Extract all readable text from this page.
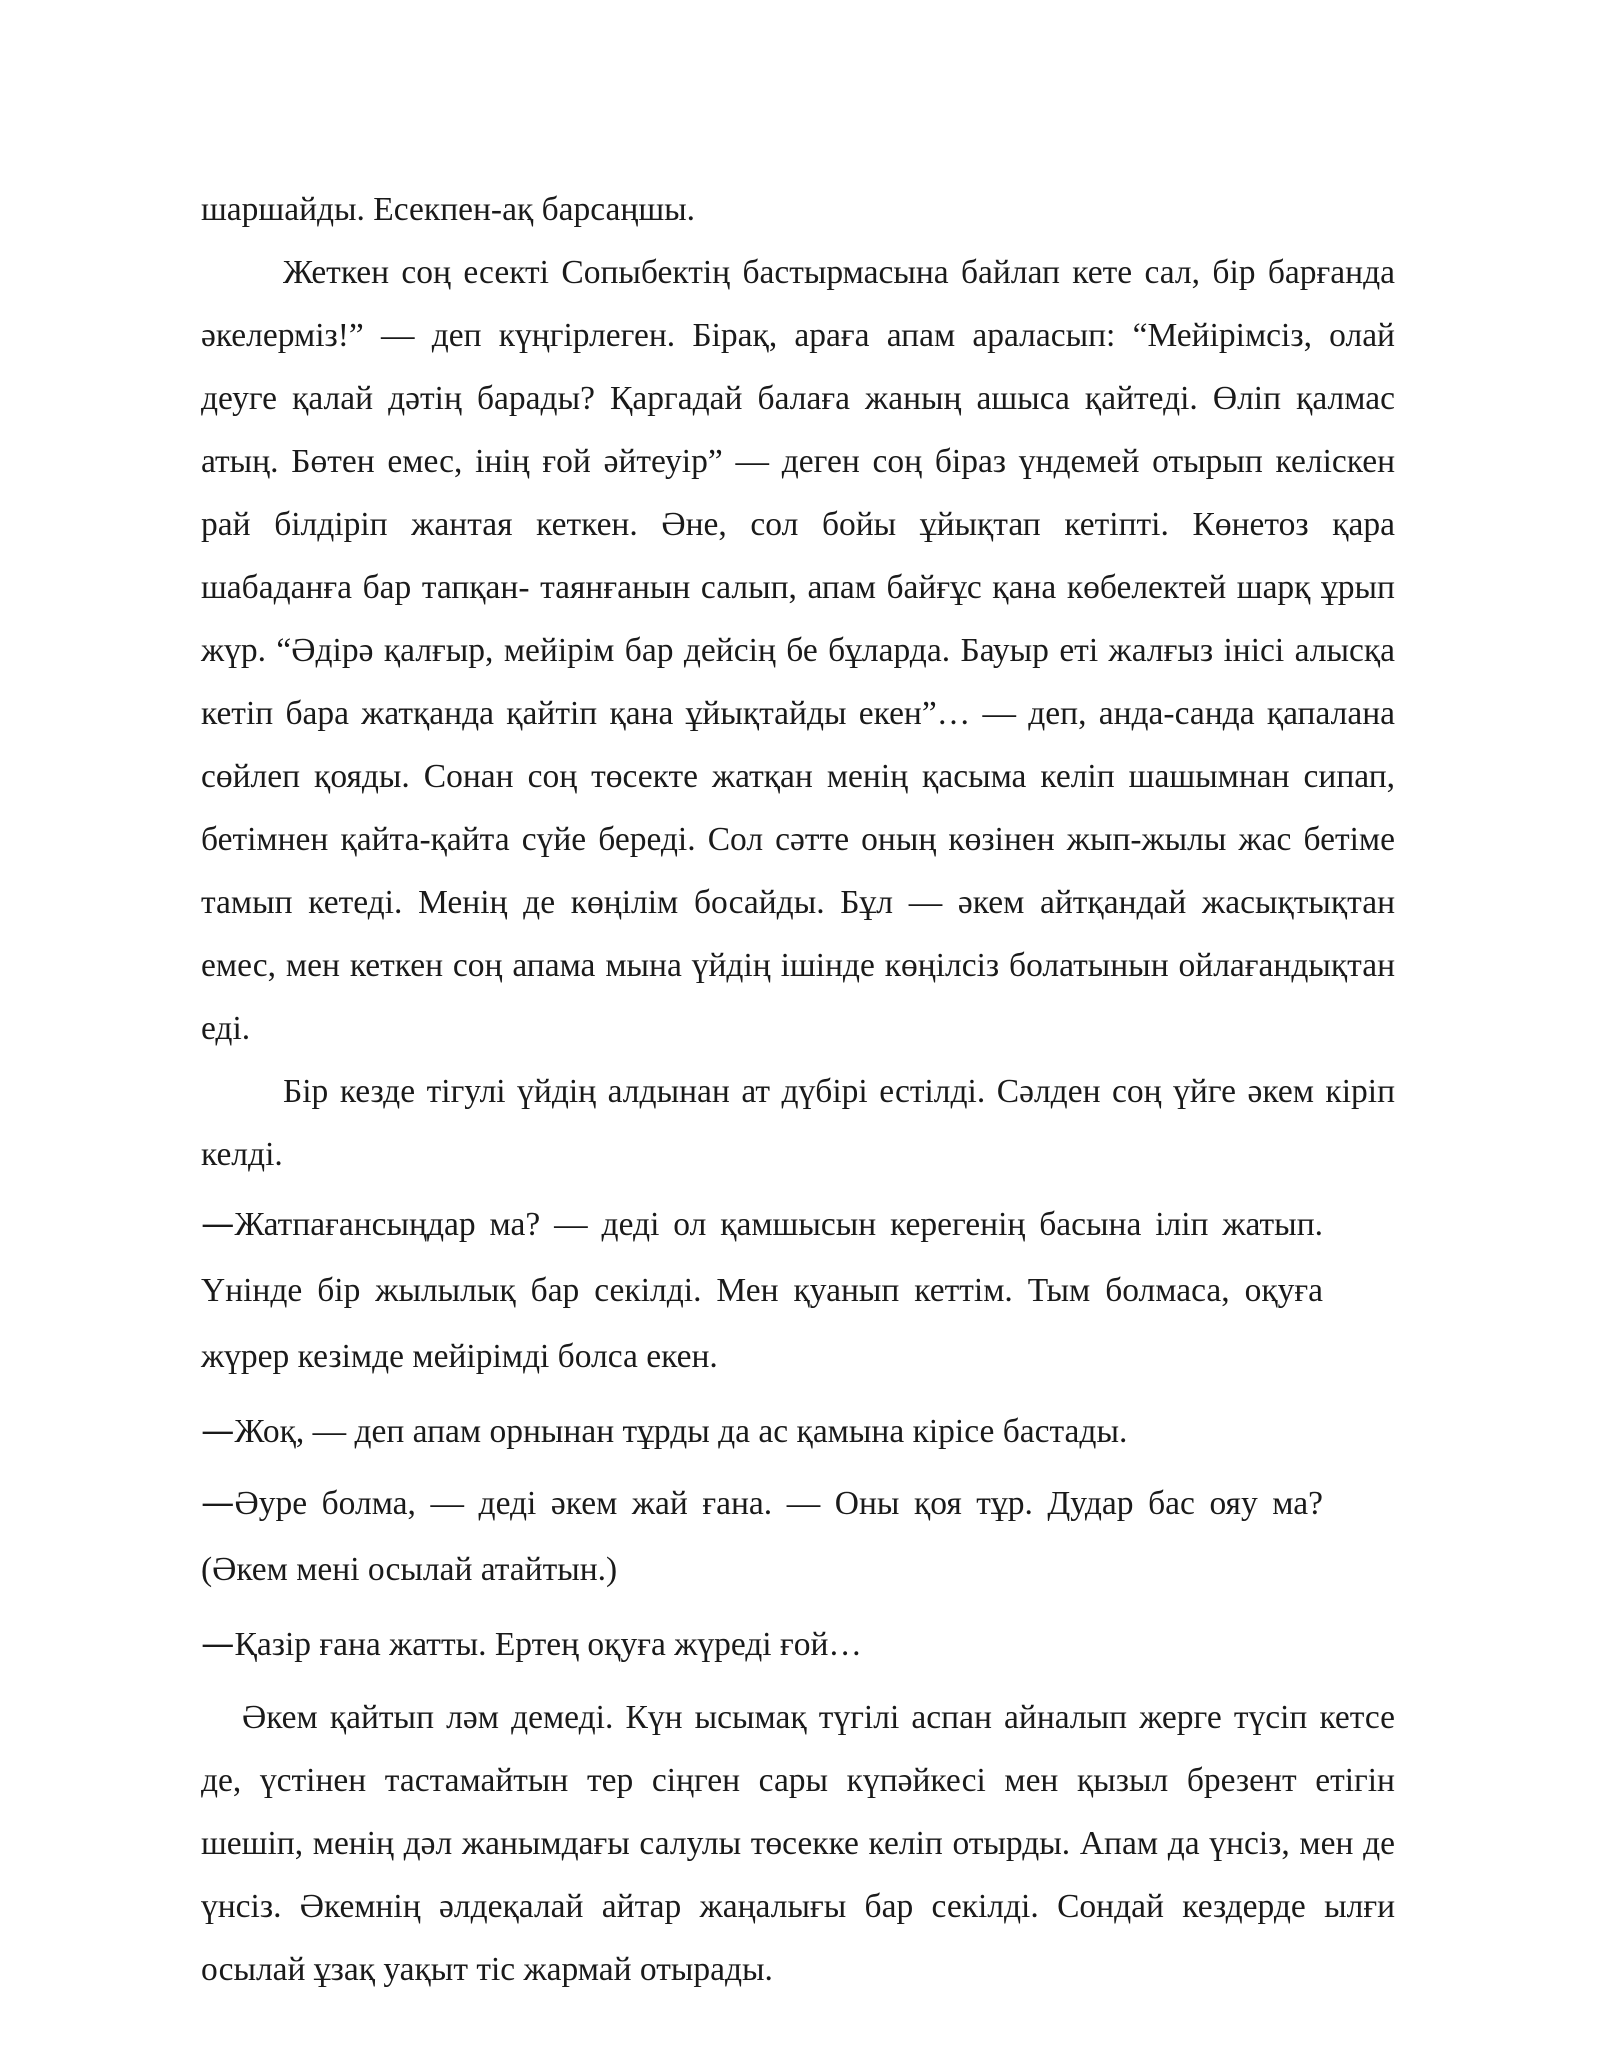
шаршайды. Есекпен-ақ барсаңшы.

Жеткен соң есекті Сопыбектің бастырмасына байлап кете сал, бір барғанда әкелерміз!” — деп күңгірлеген. Бірақ, араға апам араласып: “Мейірімсіз, олай деуге қалай дәтің барады? Қаргадай балаға жаның ашыса қайтеді. Өліп қалмас атың. Бөтен емес, інің ғой әйтеуір” — деген соң біраз үндемей отырып келіскен рай білдіріп жантая кеткен. Әне, сол бойы ұйықтап кетіпті. Көнетоз қара шабаданға бар тапқан- таянғанын салып, апам байғұс қана көбелектей шарқ ұрып жүр. “Әдірә қалғыр, мейірім бар дейсің бе бұларда. Бауыр еті жалғыз інісі алысқа кетіп бара жатқанда қайтіп қана ұйықтайды екен”… — деп, анда-санда қапалана сөйлеп қояды. Сонан соң төсекте жатқан менің қасыма келіп шашымнан сипап, бетімнен қайта-қайта сүйе береді. Сол сәтте оның көзінен жып-жылы жас бетіме тамып кетеді. Менің де көңілім босайды. Бұл — әкем айтқандай жасықтықтан емес, мен кеткен соң апама мына үйдің ішінде көңілсіз болатынын ойлағандықтан еді.

Бір кезде тігулі үйдің алдынан ат дүбірі естілді. Сәлден соң үйге әкем кіріп келді.

—Жатпағансыңдар ма? — деді ол қамшысын керегенің басына іліп жатып. Үнінде бір жылылық бар секілді. Мен қуанып кеттім. Тым болмаса, оқуға жүрер кезімде мейірімді болса екен.

—Жоқ, — деп апам орнынан тұрды да ас қамына кірісе бастады.

—Әуре болма, — деді әкем жай ғана. — Оны қоя тұр. Дудар бас ояу ма? (Әкем мені осылай атайтын.)

—Қазір ғана жатты. Ертең оқуға жүреді ғой…

Әкем қайтып ләм демеді. Күн ысымақ түгілі аспан айналып жерге түсіп кетсе де, үстінен тастамайтын тер сіңген сары күпәйкесі мен қызыл брезент етігін шешіп, менің дәл жанымдағы салулы төсекке келіп отырды. Апам да үнсіз, мен де үнсіз. Әкемнің әлдеқалай айтар жаңалығы бар секілді. Сондай кездерде ылғи осылай ұзақ уақыт тіс жармай отырады.
